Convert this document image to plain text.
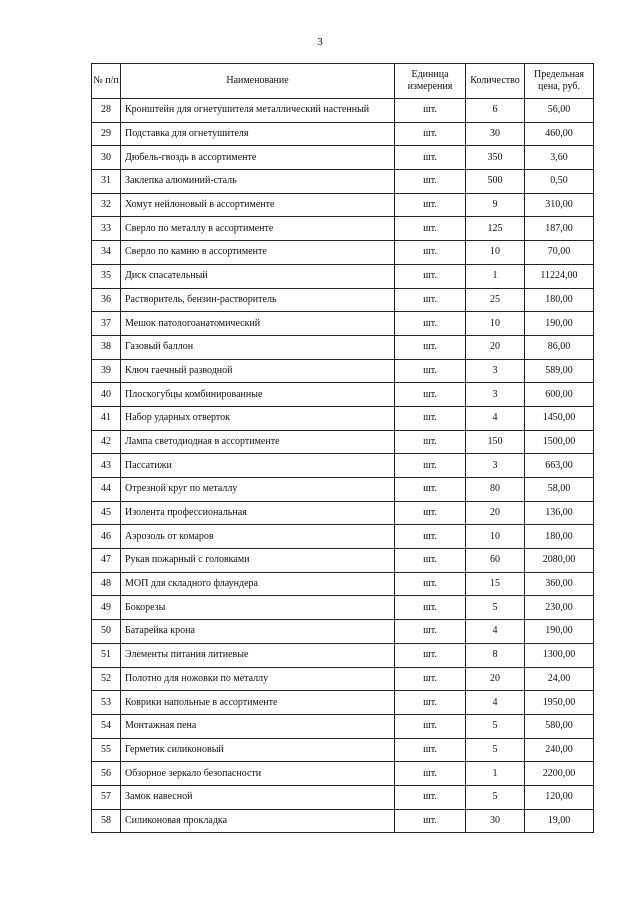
3
№ п/п	Наименование	Единица измерения	Количество	Предельная цена, руб.
28	Кронштейн для огнетушителя металлический настенный	шт.	6	56,00
29	Подставка для огнетушителя	шт.	30	460,00
30	Дюбель-гвоздь в ассортименте	шт.	350	3,60
31	Заклепка алюминий-сталь	шт.	500	0,50
32	Хомут нейлоновый в ассортименте	шт.	9	310,00
33	Сверло по металлу в ассортименте	шт.	125	187,00
34	Сверло по камню в ассортименте	шт.	10	70,00
35	Диск спасательный	шт.	1	11224,00
36	Растворитель, бензин-растворитель	шт.	25	180,00
37	Мешок патологоанатомический	шт.	10	190,00
38	Газовый баллон	шт.	20	86,00
39	Ключ гаечный разводной	шт.	3	589,00
40	Плоскогубцы комбинированные	шт.	3	600,00
41	Набор ударных отверток	шт.	4	1450,00
42	Лампа светодиодная в ассортименте	шт.	150	1500,00
43	Пассатижи	шт.	3	663,00
44	Отрезной круг по металлу	шт.	80	58,00
45	Изолента профессиональная	шт.	20	136,00
46	Аэрозоль от комаров	шт.	10	180,00
47	Рукав пожарный с головками	шт.	60	2080,00
48	МОП для складного флаундера	шт.	15	360,00
49	Бокорезы	шт.	5	230,00
50	Батарейка крона	шт.	4	190,00
51	Элементы питания литиевые	шт.	8	1300,00
52	Полотно для ножовки по металлу	шт.	20	24,00
53	Коврики напольные в ассортименте	шт.	4	1950,00
54	Монтажная пена	шт.	5	580,00
55	Герметик силиконовый	шт.	5	240,00
56	Обзорное зеркало безопасности	шт.	1	2200,00
57	Замок навесной	шт.	5	120,00
58	Силиконовая прокладка	шт.	30	19,00
